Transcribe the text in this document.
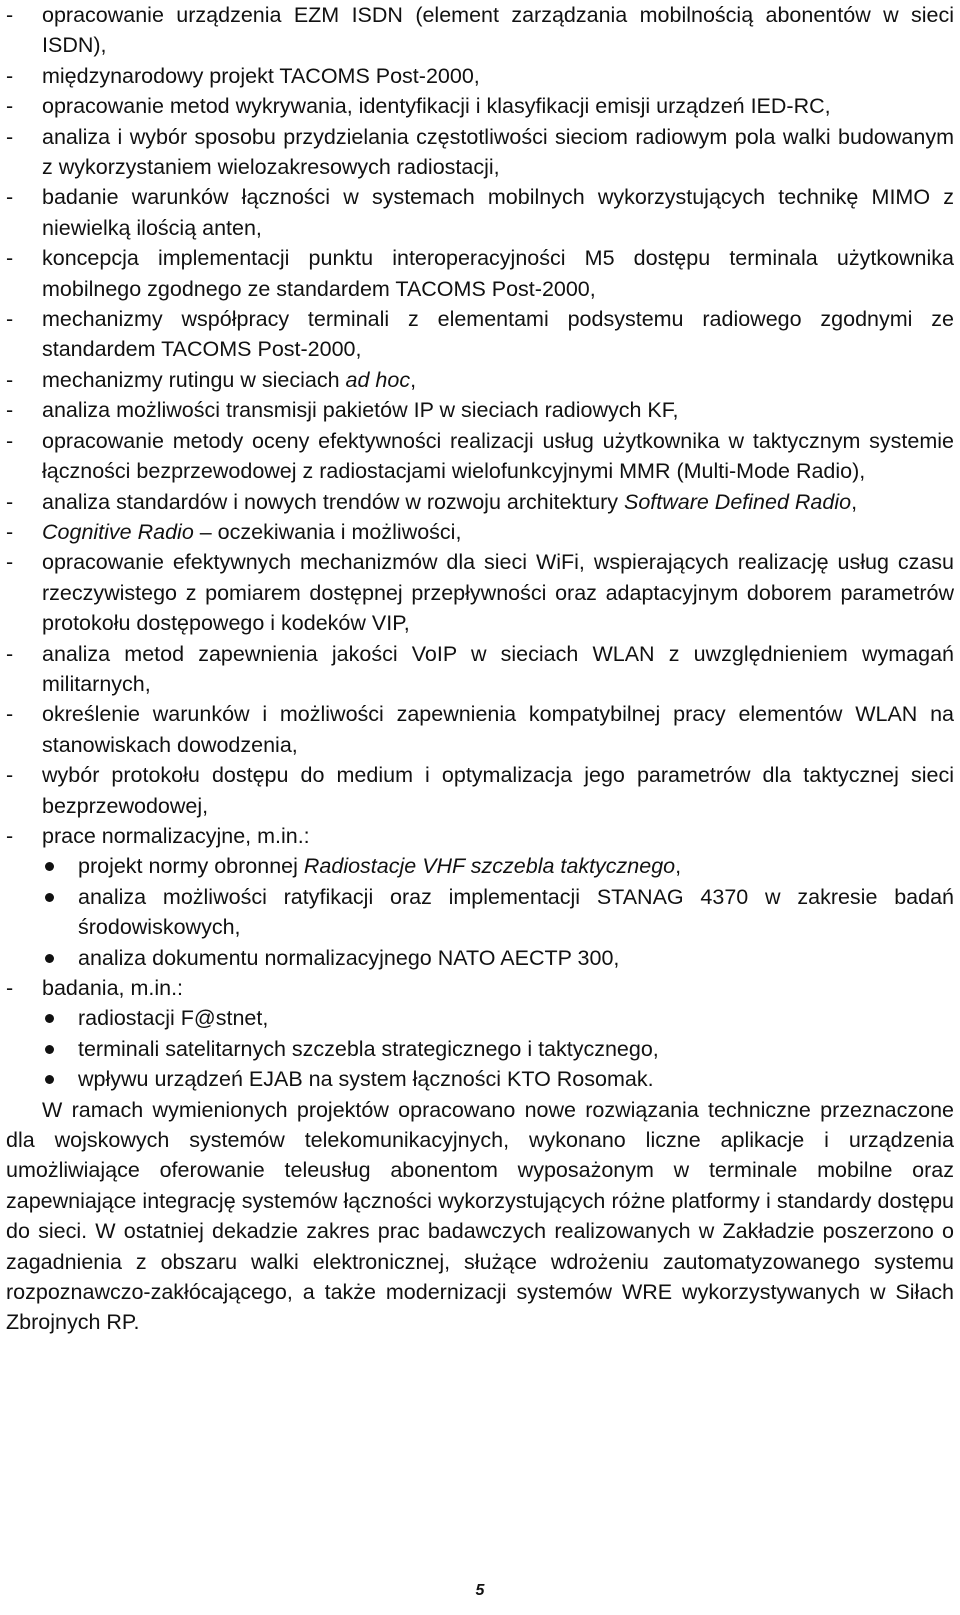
-	opracowanie urządzenia EZM ISDN (element zarządzania mobilnością abonentów w sieci ISDN),
-	międzynarodowy projekt TACOMS Post-2000,
-	opracowanie metod wykrywania, identyfikacji i klasyfikacji emisji urządzeń IED-RC,
-	analiza i wybór sposobu przydzielania częstotliwości sieciom radiowym pola walki budowanym z wykorzystaniem wielozakresowych radiostacji,
-	badanie warunków łączności w systemach mobilnych wykorzystujących technikę MIMO z niewielką ilością anten,
-	koncepcja implementacji punktu interoperacyjności M5 dostępu terminala użytkownika mobilnego zgodnego ze standardem TACOMS Post-2000,
-	mechanizmy współpracy terminali z elementami podsystemu radiowego zgodnymi ze standardem TACOMS Post-2000,
-	mechanizmy rutingu w sieciach ad hoc,
-	analiza możliwości transmisji pakietów IP w sieciach radiowych KF,
-	opracowanie metody oceny efektywności realizacji usług użytkownika w taktycznym systemie łączności bezprzewodowej z radiostacjami wielofunkcyjnymi MMR (Multi-Mode Radio),
-	analiza standardów i nowych trendów w rozwoju architektury Software Defined Radio,
-	Cognitive Radio – oczekiwania i możliwości,
-	opracowanie efektywnych mechanizmów dla sieci WiFi, wspierających realizację usług czasu rzeczywistego z pomiarem dostępnej przepływności oraz adaptacyjnym doborem parametrów protokołu dostępowego i kodeków VIP,
-	analiza metod zapewnienia jakości VoIP w sieciach WLAN z uwzględnieniem wymagań militarnych,
-	określenie warunków i możliwości zapewnienia kompatybilnej pracy elementów WLAN na stanowiskach dowodzenia,
-	wybór protokołu dostępu do medium i optymalizacja jego parametrów dla taktycznej sieci bezprzewodowej,
-	prace normalizacyjne, m.in.:
projekt normy obronnej Radiostacje VHF szczebla taktycznego,
analiza możliwości ratyfikacji oraz implementacji STANAG 4370 w zakresie badań środowiskowych,
analiza dokumentu normalizacyjnego NATO AECTP 300,
-	badania, m.in.:
radiostacji F@stnet,
terminali satelitarnych szczebla strategicznego i taktycznego,
wpływu urządzeń EJAB na system łączności KTO Rosomak.
W ramach wymienionych projektów opracowano nowe rozwiązania techniczne przeznaczone dla wojskowych systemów telekomunikacyjnych, wykonano liczne aplikacje i urządzenia umożliwiające oferowanie teleusług abonentom wyposażonym w terminale mobilne oraz zapewniające integrację systemów łączności wykorzystujących różne platformy i standardy dostępu do sieci. W ostatniej dekadzie zakres prac badawczych realizowanych w Zakładzie poszerzono o zagadnienia z obszaru walki elektronicznej, służące wdrożeniu zautomatyzowanego systemu rozpoznawczo-zakłócającego, a także modernizacji systemów WRE wykorzystywanych w Siłach Zbrojnych RP.
5
